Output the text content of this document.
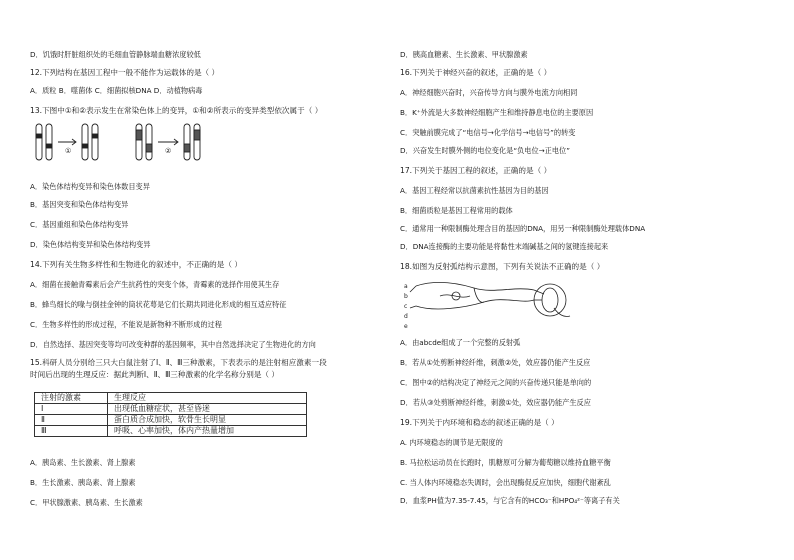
D．饥饿时肝脏组织处的毛细血管静脉端血糖浓度较低
12.下列结构在基因工程中一般不能作为运载体的是（ ）
A．质粒 B．噬菌体 C．细菌拟核DNA D．动植物病毒
13.下图中①和②表示发生在常染色体上的变异，①和②所表示的变异类型依次属于（ ）
①	②
A．染色体结构变异和染色体数目变异
B．基因突变和染色体结构变异
C．基因重组和染色体结构变异
D．染色体结构变异和染色体结构变异
14.下列有关生物多样性和生物进化的叙述中，不正确的是（ ）
A．细菌在接触青霉素后会产生抗药性的突变个体，青霉素的选择作用使其生存
B．蜂鸟细长的喙与倒挂金钟的筒状花萼是它们长期共同进化形成的相互适应特征
C．生物多样性的形成过程，不能说是新物种不断形成的过程
D．自然选择、基因突变等均可改变种群的基因频率，其中自然选择决定了生物进化的方向
15.科研人员分别给三只大白鼠注射了Ⅰ、Ⅱ、Ⅲ三种激素，下表表示的是注射相应激素一段
时间后出现的生理反应：据此判断Ⅰ、Ⅱ、Ⅲ三种激素的化学名称分别是（ ）
注射的激素	生理反应
Ⅰ	出现低血糖症状，甚至昏迷
Ⅱ	蛋白质合成加快，软骨生长明显
Ⅲ	呼吸、心率加快，体内产热量增加
A．胰岛素、生长激素、肾上腺素
B．生长激素、胰岛素、肾上腺素
C．甲状腺激素、胰岛素、生长激素
D．胰高血糖素、生长激素、甲状腺激素
16.下列关于神经兴奋的叙述，正确的是（ ）
A．神经细胞兴奋时，兴奋传导方向与膜外电流方向相同
B．K⁺外流是大多数神经细胞产生和维持静息电位的主要原因
C．突触前膜完成了“电信号→化学信号→电信号”的转变
D．兴奋发生时膜外侧的电位变化是“负电位→正电位”
17.下列关于基因工程的叙述，正确的是（ ）
A．基因工程经常以抗菌素抗性基因为目的基因
B．细菌质粒是基因工程常用的载体
C．通常用一种限制酶处理含目的基因的DNA，用另一种限制酶处理载体DNA
D．DNA连接酶的主要功能是将黏性末端碱基之间的氢键连接起来
18.如图为反射弧结构示意图，下列有关说法不正确的是（ ）
a
b
c
d
e
A．由abcde组成了一个完整的反射弧
B．若从①处剪断神经纤维，刺激②处，效应器仍能产生反应
C．图中②的结构决定了神经元之间的兴奋传递只能是单向的
D．若从③处剪断神经纤维，刺激①处，效应器仍能产生反应
19.下列关于内环境和稳态的叙述正确的是（ ）
A. 内环境稳态的调节是无限度的
B. 马拉松运动员在长跑时，肌糖原可分解为葡萄糖以维持血糖平衡
C. 当人体内环境稳态失调时，会出现酶促反应加快，细胞代谢紊乱
D．血浆PH值为7.35-7.45，与它含有的HCO₃⁻和HPO₄²⁻等离子有关
